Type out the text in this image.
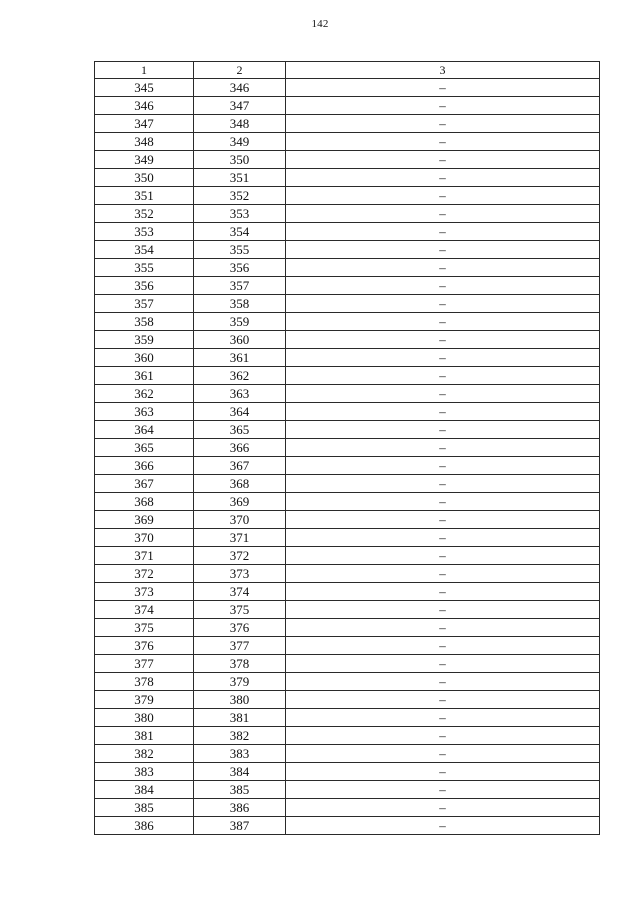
142
1	2	3
345	346	–
346	347	–
347	348	–
348	349	–
349	350	–
350	351	–
351	352	–
352	353	–
353	354	–
354	355	–
355	356	–
356	357	–
357	358	–
358	359	–
359	360	–
360	361	–
361	362	–
362	363	–
363	364	–
364	365	–
365	366	–
366	367	–
367	368	–
368	369	–
369	370	–
370	371	–
371	372	–
372	373	–
373	374	–
374	375	–
375	376	–
376	377	–
377	378	–
378	379	–
379	380	–
380	381	–
381	382	–
382	383	–
383	384	–
384	385	–
385	386	–
386	387	–
